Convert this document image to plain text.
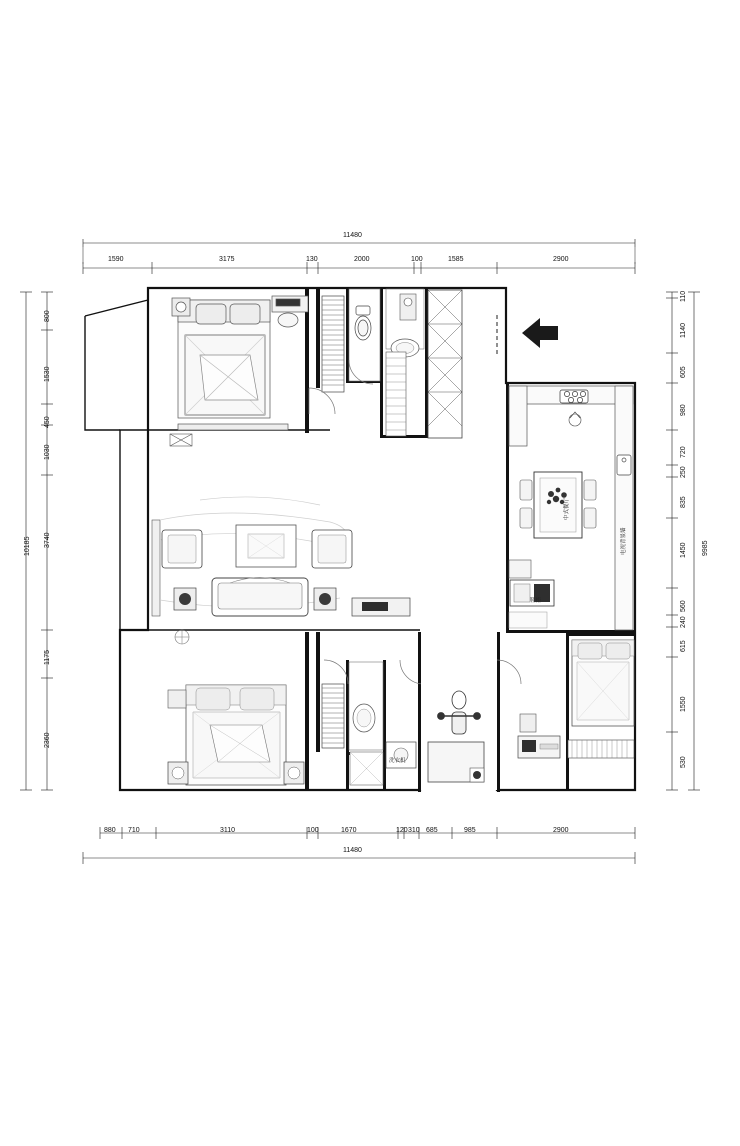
11480
1590	3175	130	2000	100	1585	2900
880 710	3110	100	1670	120 310 685	985	2900
11480
800
1530
450
1030
3740
1175
2360
10185
110
1140
605
980
720
250
835
1450
560
240
615
1550
530
9985
电视背景墙
中式餐厅
鞋柜
洗衣机
